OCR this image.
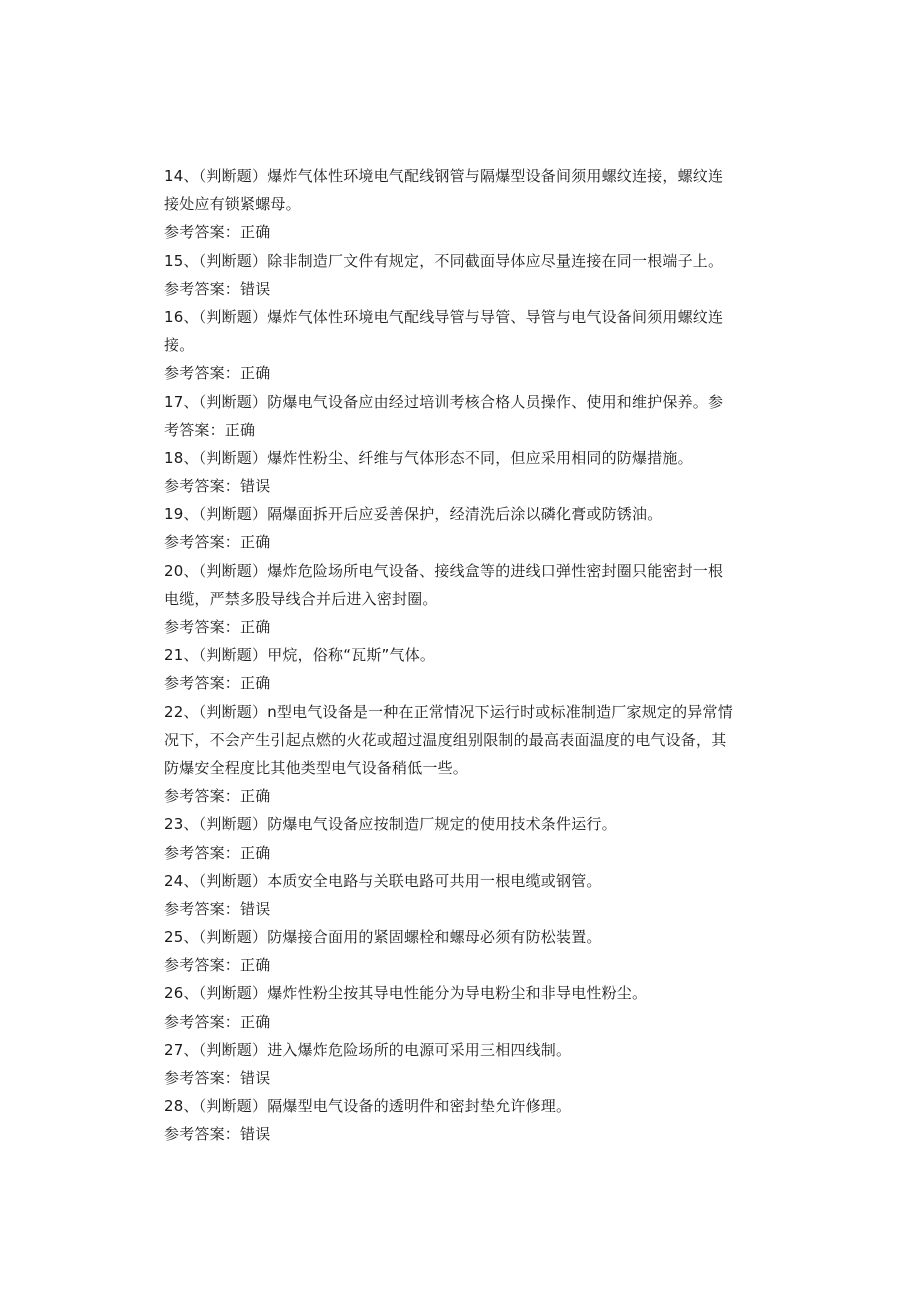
14、（判断题）爆炸气体性环境电气配线钢管与隔爆型设备间须用螺纹连接，螺纹连
接处应有锁紧螺母。
参考答案：正确
15、（判断题）除非制造厂文件有规定，不同截面导体应尽量连接在同一根端子上。
参考答案：错误
16、（判断题）爆炸气体性环境电气配线导管与导管、导管与电气设备间须用螺纹连
接。
参考答案：正确
17、（判断题）防爆电气设备应由经过培训考核合格人员操作、使用和维护保养。参
考答案：正确
18、（判断题）爆炸性粉尘、纤维与气体形态不同，但应采用相同的防爆措施。
参考答案：错误
19、（判断题）隔爆面拆开后应妥善保护，经清洗后涂以磷化膏或防锈油。
参考答案：正确
20、（判断题）爆炸危险场所电气设备、接线盒等的进线口弹性密封圈只能密封一根
电缆，严禁多股导线合并后进入密封圈。
参考答案：正确
21、（判断题）甲烷，俗称“瓦斯”气体。
参考答案：正确
22、（判断题）n型电气设备是一种在正常情况下运行时或标准制造厂家规定的异常情
况下，不会产生引起点燃的火花或超过温度组别限制的最高表面温度的电气设备，其
防爆安全程度比其他类型电气设备稍低一些。
参考答案：正确
23、（判断题）防爆电气设备应按制造厂规定的使用技术条件运行。
参考答案：正确
24、（判断题）本质安全电路与关联电路可共用一根电缆或钢管。
参考答案：错误
25、（判断题）防爆接合面用的紧固螺栓和螺母必须有防松装置。
参考答案：正确
26、（判断题）爆炸性粉尘按其导电性能分为导电粉尘和非导电性粉尘。
参考答案：正确
27、（判断题）进入爆炸危险场所的电源可采用三相四线制。
参考答案：错误
28、（判断题）隔爆型电气设备的透明件和密封垫允许修理。
参考答案：错误
